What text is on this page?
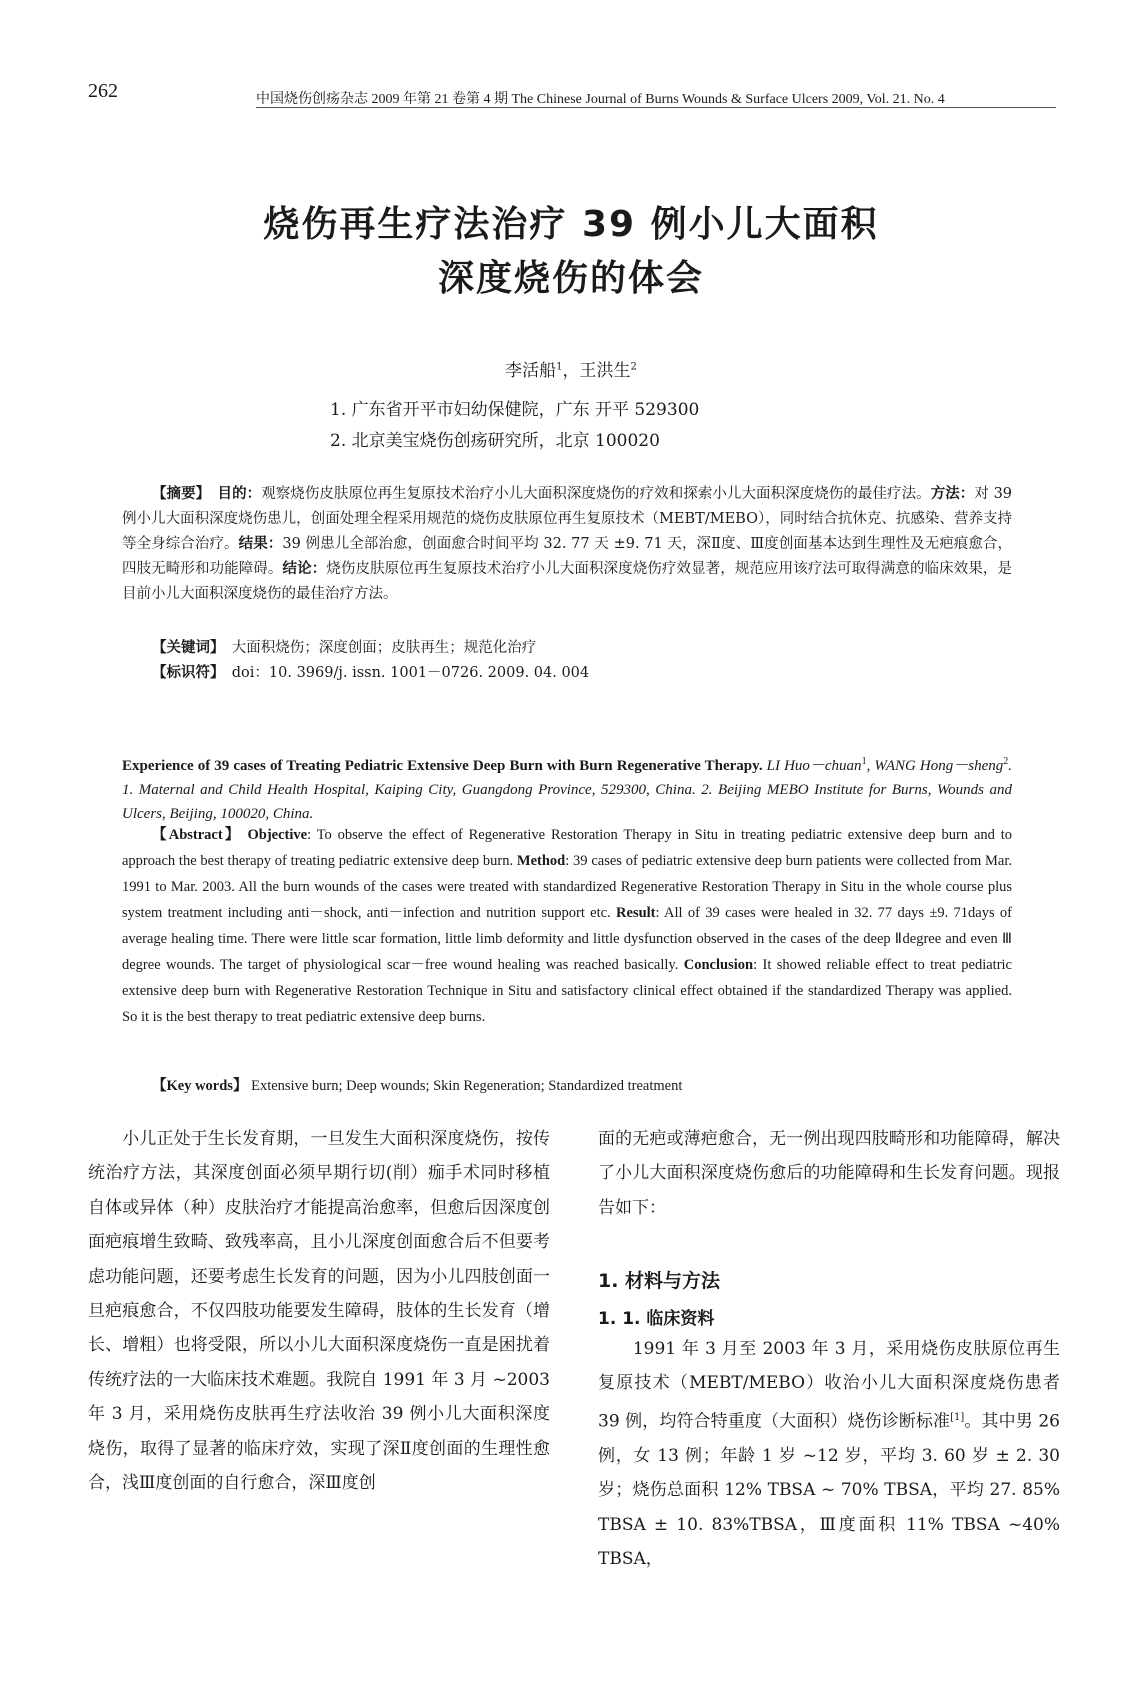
262	中国烧伤创疡杂志 2009 年第 21 卷第 4 期 The Chinese Journal of Burns Wounds & Surface Ulcers 2009, Vol. 21. No. 4
烧伤再生疗法治疗 39 例小儿大面积
深度烧伤的体会
李活船$^1$，王洪生$^2$
1. 广东省开平市妇幼保健院，广东 开平 529300
2. 北京美宝烧伤创疡研究所，北京 100020
【摘要】　 目的：观察烧伤皮肤原位再生复原技术治疗小儿大面积深度烧伤的疗效和探索小儿大面积深度烧伤的最佳疗法。方法：对 39 例小儿大面积深度烧伤患儿，创面处理全程采用规范的烧伤皮肤原位再生复原技术（MEBT/MEBO），同时结合抗休克、抗感染、营养支持等全身综合治疗。结果：39 例患儿全部治愈，创面愈合时间平均 32. 77 天 ±9. 71 天，深Ⅱ度、Ⅲ度创面基本达到生理性及无疤痕愈合，四肢无畸形和功能障碍。结论：烧伤皮肤原位再生复原技术治疗小儿大面积深度烧伤疗效显著，规范应用该疗法可取得满意的临床效果，是目前小儿大面积深度烧伤的最佳治疗方法。
【关键词】　 大面积烧伤；深度创面；皮肤再生；规范化治疗
【标识符】　 doi：10. 3969/j. issn. 1001－0726. 2009. 04. 004
Experience of 39 cases of Treating Pediatric Extensive Deep Burn with Burn Regenerative Therapy. LI Huo－chuan$^1$, WANG Hong－sheng$^2$. 1. Maternal and Child Health Hospital, Kaiping City, Guangdong Province, 529300, China. 2. Beijing MEBO Institute for Burns, Wounds and Ulcers, Beijing, 100020, China.
【Abstract】 Objective: To observe the effect of Regenerative Restoration Therapy in Situ in treating pediatric extensive deep burn and to approach the best therapy of treating pediatric extensive deep burn. Method: 39 cases of pediatric extensive deep burn patients were collected from Mar. 1991 to Mar. 2003. All the burn wounds of the cases were treated with standardized Regenerative Restoration Therapy in Situ in the whole course plus system treatment including anti－shock, anti－infection and nutrition support etc. Result: All of 39 cases were healed in 32. 77 days ±9. 71days of average healing time. There were little scar formation, little limb deformity and little dysfunction observed in the cases of the deep Ⅱdegree and even Ⅲ degree wounds. The target of physiological scar－free wound healing was reached basically. Conclusion: It showed reliable effect to treat pediatric extensive deep burn with Regenerative Restoration Technique in Situ and satisfactory clinical effect obtained if the standardized Therapy was applied. So it is the best therapy to treat pediatric extensive deep burns.
【Key words】 Extensive burn; Deep wounds; Skin Regeneration; Standardized treatment
　　小儿正处于生长发育期，一旦发生大面积深度烧伤，按传统治疗方法，其深度创面必须早期行切(削）痂手术同时移植自体或异体（种）皮肤治疗才能提高治愈率，但愈后因深度创面疤痕增生致畸、致残率高，且小儿深度创面愈合后不但要考虑功能问题，还要考虑生长发育的问题，因为小儿四肢创面一旦疤痕愈合，不仅四肢功能要发生障碍，肢体的生长发育（增长、增粗）也将受限，所以小儿大面积深度烧伤一直是困扰着传统疗法的一大临床技术难题。我院自 1991 年 3 月 ~2003 年 3 月，采用烧伤皮肤再生疗法收治 39 例小儿大面积深度烧伤，取得了显著的临床疗效，实现了深Ⅱ度创面的生理性愈合，浅Ⅲ度创面的自行愈合，深Ⅲ度创
面的无疤或薄疤愈合，无一例出现四肢畸形和功能障碍，解决了小儿大面积深度烧伤愈后的功能障碍和生长发育问题。现报告如下：
1. 材料与方法
1. 1. 临床资料
　　1991 年 3 月至 2003 年 3 月，采用烧伤皮肤原位再生复原技术（MEBT/MEBO）收治小儿大面积深度烧伤患者 39 例，均符合特重度（大面积）烧伤诊断标准[1]。其中男 26 例，女 13 例；年龄 1 岁 ~12 岁，平均 3. 60 岁 ± 2. 30 岁；烧伤总面积 12% TBSA ~ 70% TBSA，平均 27. 85% TBSA ± 10. 83%TBSA，Ⅲ度面积 11% TBSA ~40% TBSA，
